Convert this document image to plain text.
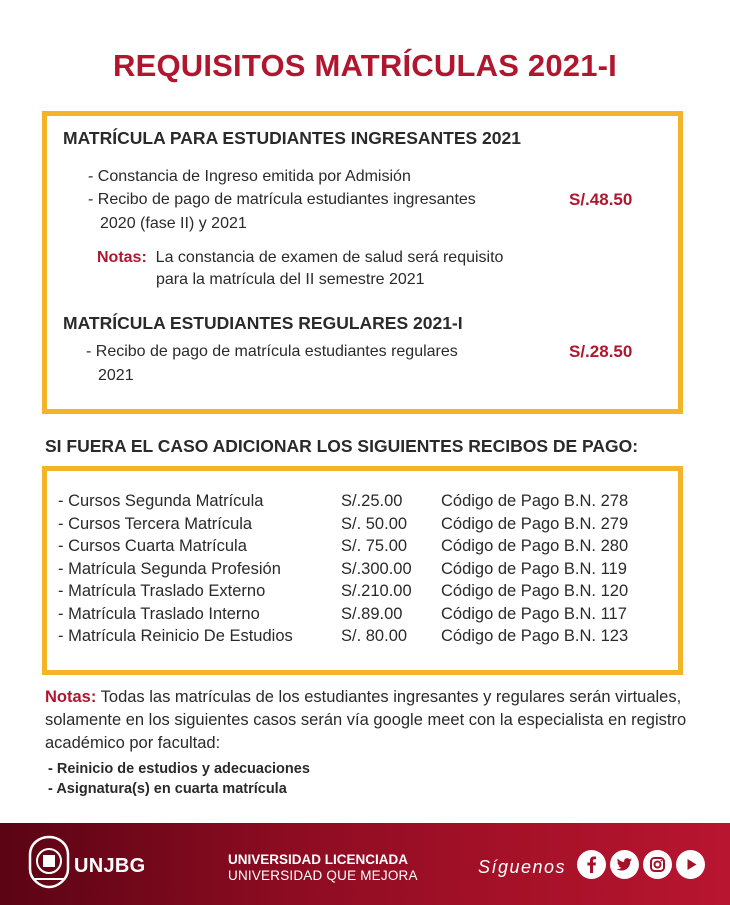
REQUISITOS MATRÍCULAS 2021-I
MATRÍCULA PARA ESTUDIANTES INGRESANTES 2021
- Constancia de Ingreso emitida por Admisión
- Recibo de pago de matrícula estudiantes ingresantes
2020 (fase II) y 2021
S/.48.50
Notas: La constancia de examen de salud será requisito
para la matrícula del II semestre 2021
MATRÍCULA ESTUDIANTES REGULARES 2021-I
- Recibo de pago de matrícula estudiantes regulares
2021
S/.28.50
SI FUERA EL CASO ADICIONAR LOS SIGUIENTES RECIBOS DE PAGO:
- Cursos Segunda Matrícula	S/.25.00 Código de Pago B.N. 278
- Cursos Tercera Matrícula	S/. 50.00 Código de Pago B.N. 279
- Cursos Cuarta Matrícula	S/. 75.00 Código de Pago B.N. 280
- Matrícula Segunda Profesión	S/.300.00 Código de Pago B.N. 119
- Matrícula Traslado Externo	S/.210.00 Código de Pago B.N. 120
- Matrícula Traslado Interno	S/.89.00 Código de Pago B.N. 117
- Matrícula Reinicio De Estudios	S/. 80.00 Código de Pago B.N. 123
Notas: Todas las matrículas de los estudiantes ingresantes y regulares serán virtuales, solamente en los siguientes casos serán vía google meet con la especialista en registro académico por facultad:
- Reinicio de estudios y adecuaciones
- Asignatura(s) en cuarta matrícula
UNJBG	UNIVERSIDAD LICENCIADA
UNIVERSIDAD QUE MEJORA	Síguenos
